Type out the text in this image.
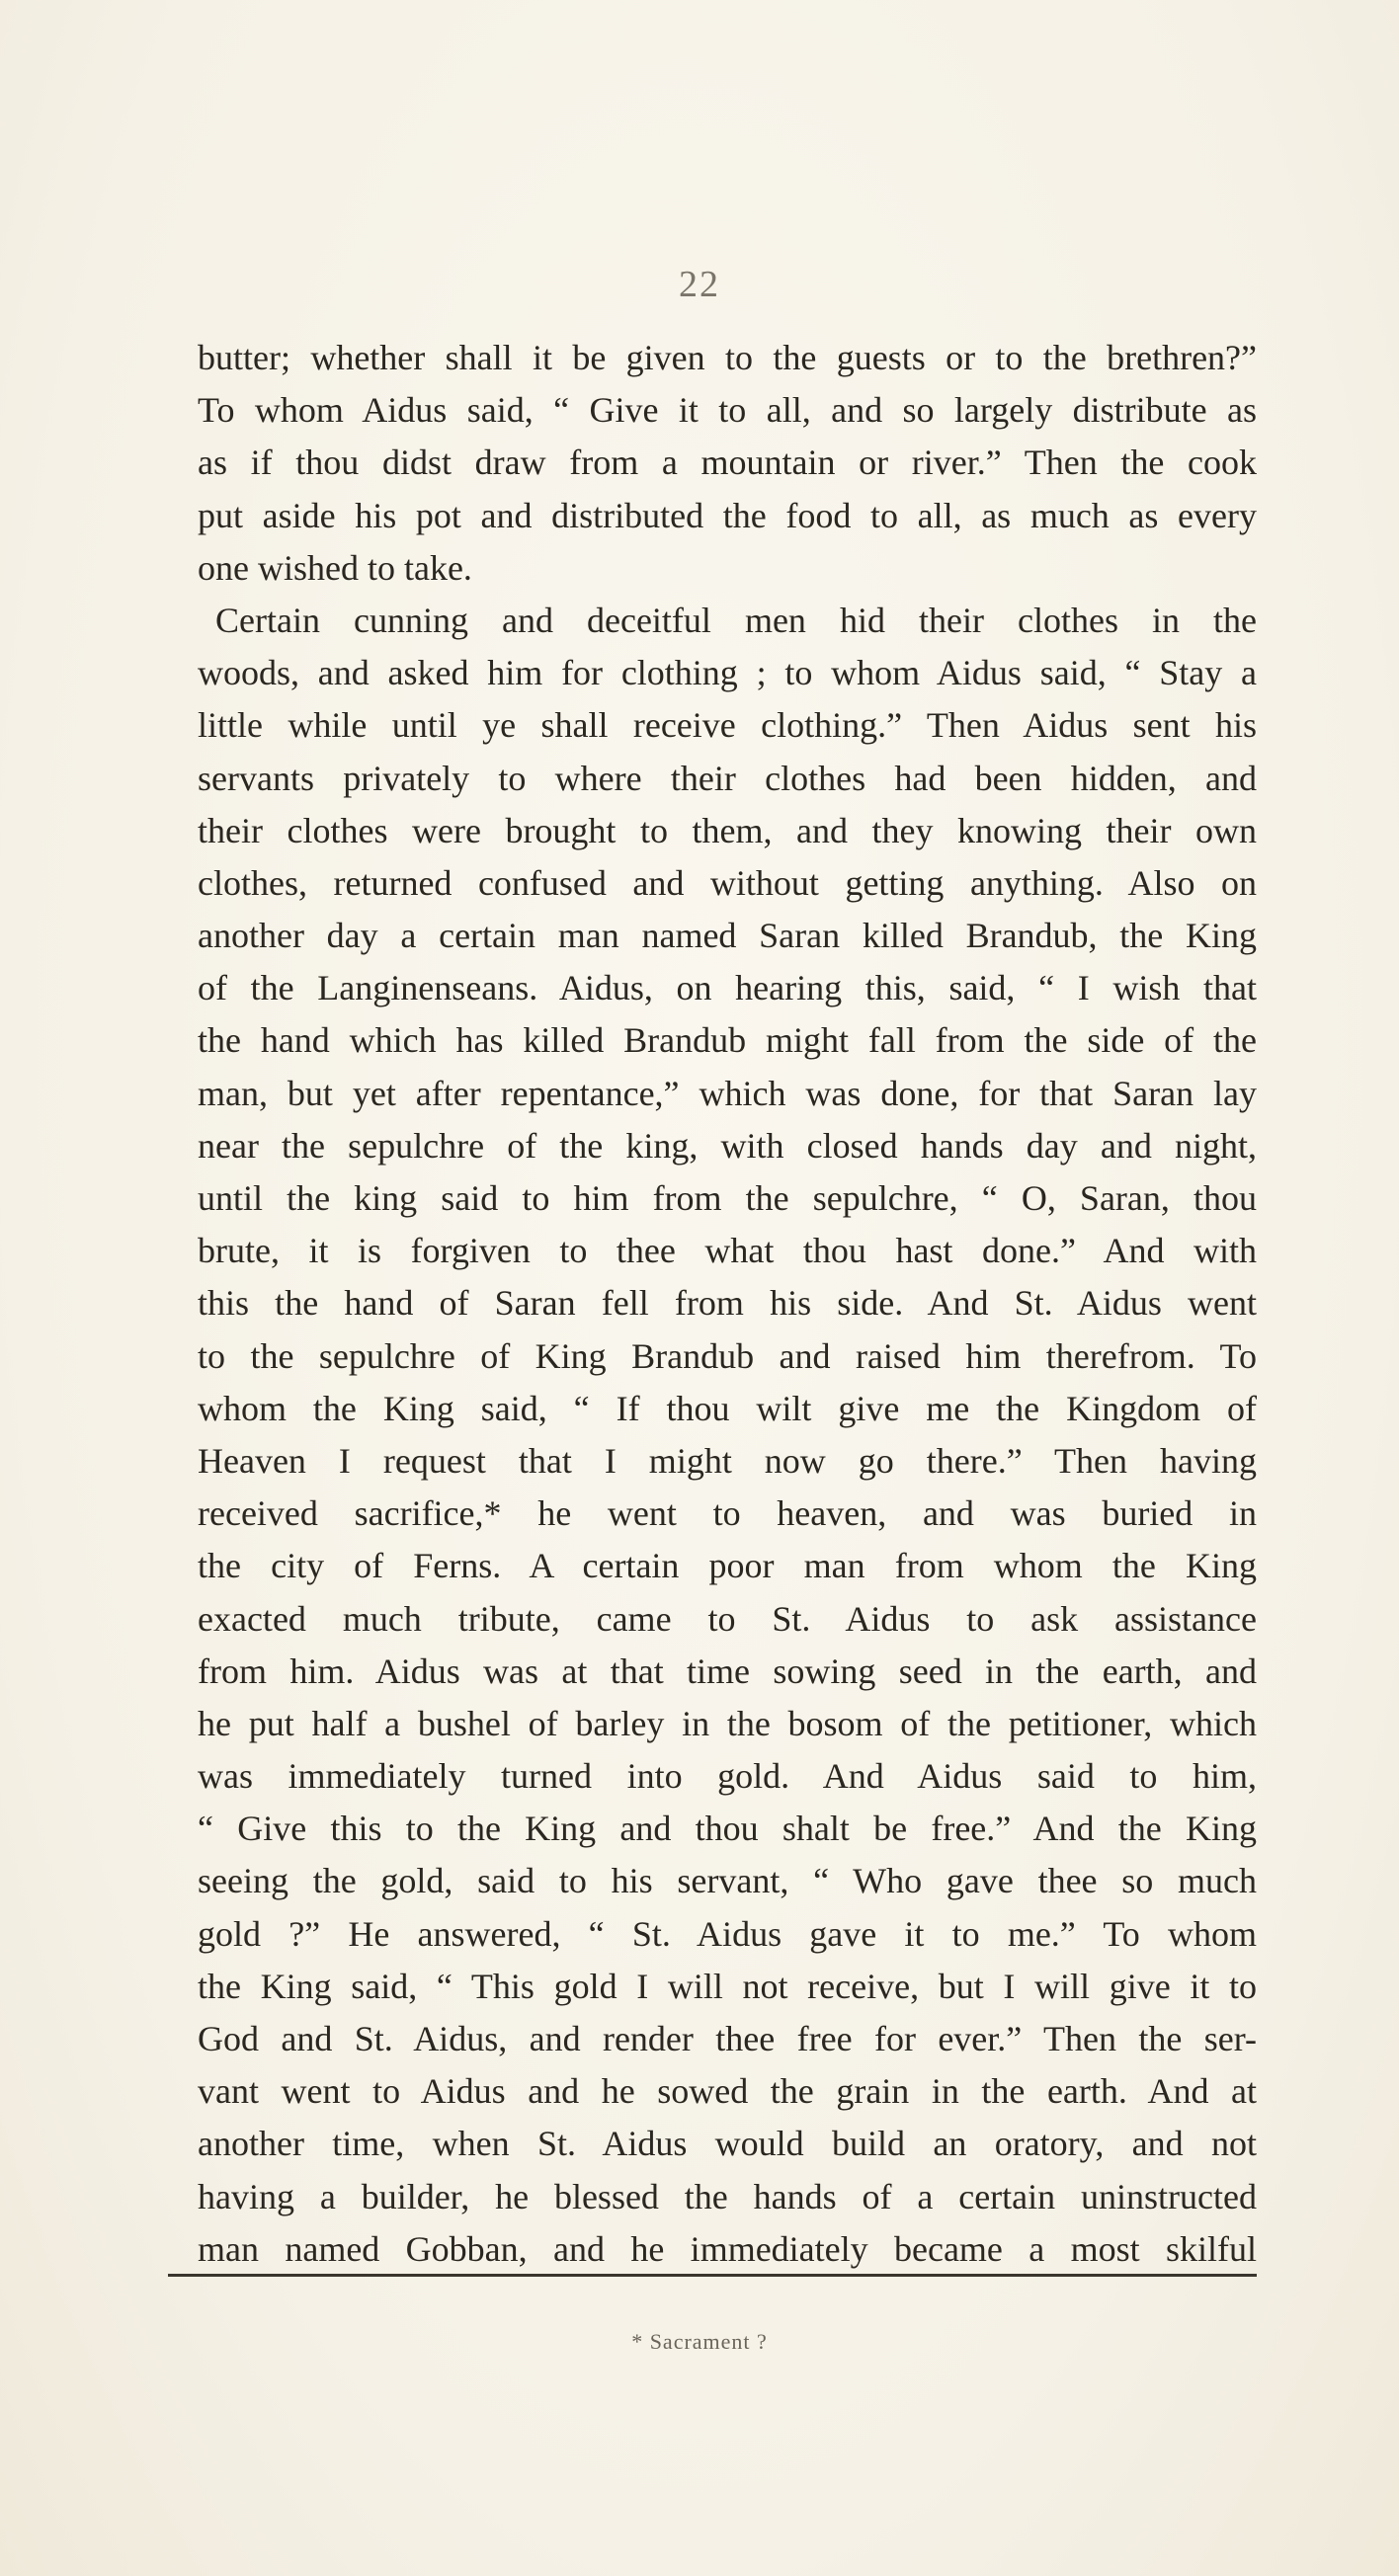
22
butter; whether shall it be given to the guests or to the brethren?”
To whom Aidus said, “ Give it to all, and so largely distribute as
as if thou didst draw from a mountain or river.” Then the cook
put aside his pot and distributed the food to all, as much as every
one wished to take.
Certain cunning and deceitful men hid their clothes in the
woods, and asked him for clothing ; to whom Aidus said, “ Stay a
little while until ye shall receive clothing.” Then Aidus sent his
servants privately to where their clothes had been hidden, and
their clothes were brought to them, and they knowing their own
clothes, returned confused and without getting anything. Also on
another day a certain man named Saran killed Brandub, the King
of the Langinenseans. Aidus, on hearing this, said, “ I wish that
the hand which has killed Brandub might fall from the side of the
man, but yet after repentance,” which was done, for that Saran lay
near the sepulchre of the king, with closed hands day and night,
until the king said to him from the sepulchre, “ O, Saran, thou
brute, it is forgiven to thee what thou hast done.” And with
this the hand of Saran fell from his side. And St. Aidus went
to the sepulchre of King Brandub and raised him therefrom. To
whom the King said, “ If thou wilt give me the Kingdom of
Heaven I request that I might now go there.” Then having
received sacrifice,* he went to heaven, and was buried in
the city of Ferns. A certain poor man from whom the King
exacted much tribute, came to St. Aidus to ask assistance
from him. Aidus was at that time sowing seed in the earth, and
he put half a bushel of barley in the bosom of the petitioner, which
was immediately turned into gold. And Aidus said to him,
“ Give this to the King and thou shalt be free.” And the King
seeing the gold, said to his servant, “ Who gave thee so much
gold ?” He answered, “ St. Aidus gave it to me.” To whom
the King said, “ This gold I will not receive, but I will give it to
God and St. Aidus, and render thee free for ever.” Then the ser-
vant went to Aidus and he sowed the grain in the earth. And at
another time, when St. Aidus would build an oratory, and not
having a builder, he blessed the hands of a certain uninstructed
man named Gobban, and he immediately became a most skilful
* Sacrament ?
